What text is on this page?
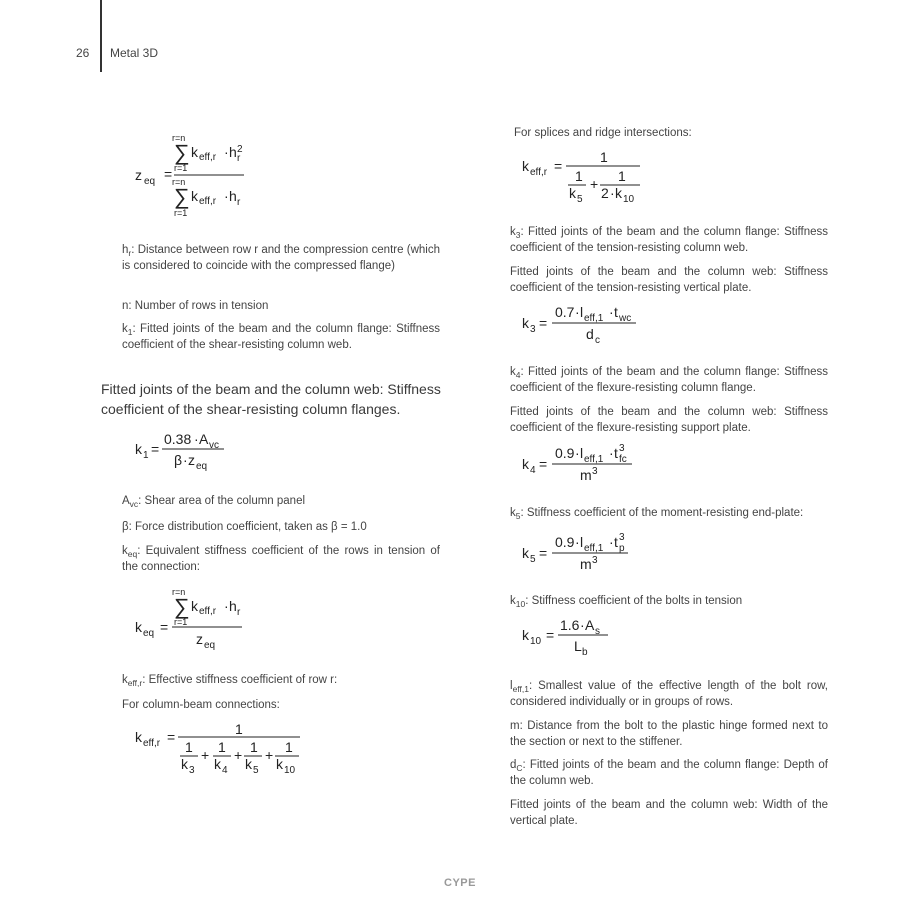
26 Metal 3D
z eq =
r=n
∑
r=1
k eff,r · h r
2
r=n
∑
r=1
k eff,r · h r

$h_r$: Distance between row r and the compression centre (which is considered to coincide with the compressed flange)

n: Number of rows in tension

$k_1$: Fitted joints of the beam and the column flange: Stiffness coefficient of the shear-resisting column web.

Fitted joints of the beam and the column web: Stiffness coefficient of the shear-resisting column flanges.

k 1 =
0.38 · A vc
β · z eq

$A_{vc}$: Shear area of the column panel

β: Force distribution coefficient, taken as β = 1.0

$k_{eq}$: Equivalent stiffness coefficient of the rows in tension of the connection:

k eq =
r=n
∑
r=1
k eff,r · h r
z eq

$k_{eff,r}$: Effective stiffness coefficient of row r:

For column-beam connections:

k eff,r =	1
1
k 3
+ 1
k 4
+ 1
k 5
+ 1
k 10

For splices and ridge intersections:

k eff,r =
1
1
k 5
+ 1
2 · k 10

$k_3$: Fitted joints of the beam and the column flange: Stiffness coefficient of the tension-resisting column web.

Fitted joints of the beam and the column web: Stiffness coefficient of the tension-resisting vertical plate.

k 3 =
0.7 · l eff,1 · t wc
d c

$k_4$: Fitted joints of the beam and the column flange: Stiffness coefficient of the flexure-resisting column flange.

Fitted joints of the beam and the column web: Stiffness coefficient of the flexure-resisting support plate.

k 4 =
0.9 · l eff,1 · t fc
3
m 3

$k_5$: Stiffness coefficient of the moment-resisting end-plate:

k 5 =
0.9 · l eff,1 · t p
3
m 3

$k_{10}$: Stiffness coefficient of the bolts in tension

k 10 =
1.6 · A s
L b

$l_{eff,1}$: Smallest value of the effective length of the bolt row, considered individually or in groups of rows.

m: Distance from the bolt to the plastic hinge formed next to the section or next to the stiffener.

$d_C$: Fitted joints of the beam and the column flange: Depth of the column web.

Fitted joints of the beam and the column web: Width of the vertical plate.

CYPE
